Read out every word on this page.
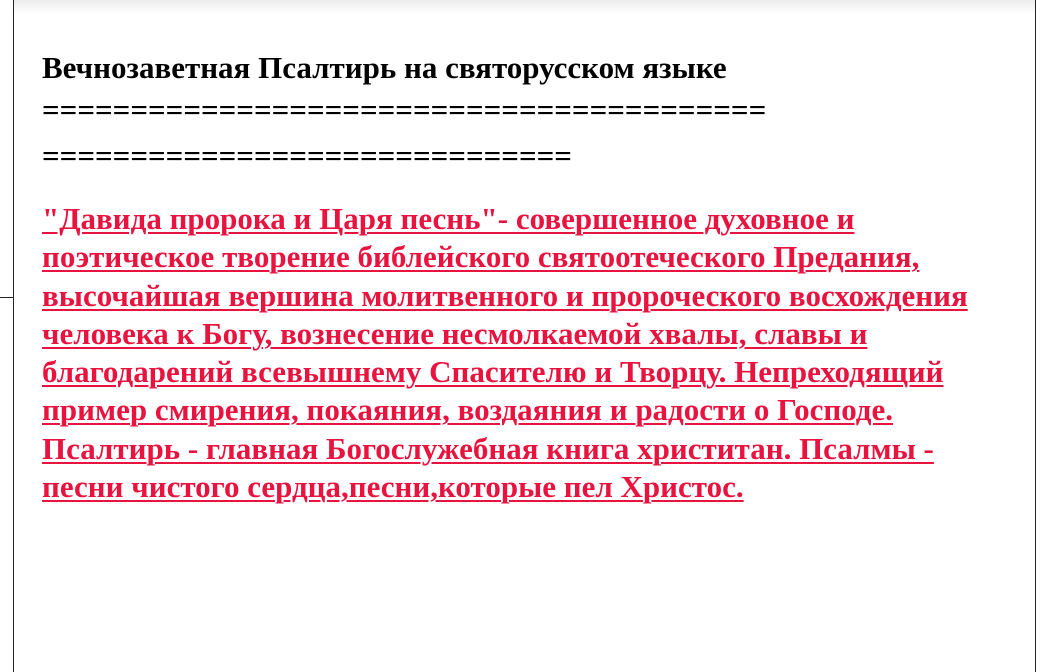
Вечнозаветная Псалтирь на святорусском языке
=========================================
==============================
"Давида пророка и Царя песнь"- совершенное духовное и поэтическое творение библейского святоотеческого Предания, высочайшая вершина молитвенного и пророческого восхождения человека к Богу, вознесение несмолкаемой хвалы, славы и благодарений всевышнему Спасителю и Творцу. Непреходящий пример смирения, покаяния, воздаяния и радости о Господе. Псалтирь - главная Богослужебная книга христитан. Псалмы - песни чистого сердца,песни,которые пел Христос.
